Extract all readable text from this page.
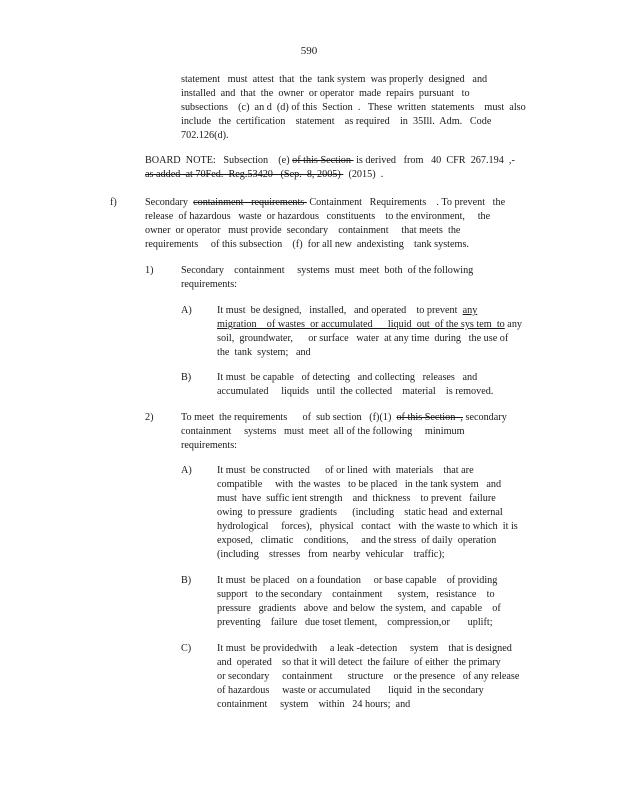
590
statement   must  attest  that  the  tank system  was properly  designed   and
installed  and  that  the  owner  or operator  made  repairs  pursuant   to
subsections    (c)  an d  (d) of this  Section  .   These  written  statements    must  also
include   the  certification    statement    as required    in  35Ill.  Adm.   Code
702.126(d).
BOARD  NOTE:   Subsection    (e) of this Section  is derived   from   40  CFR  267.194  ,-
as added  at 70Fed.  Reg.53420   (Sep.  8, 2005)   (2015)  .
f)	Secondary  containment   requirements  Containment   Requirements    . To prevent   the
release  of hazardous   waste  or hazardous   constituents    to the environment,     the
owner  or operator   must provide  secondary    containment     that meets  the
requirements     of this subsection    (f)  for all new  andexisting    tank systems.
1)	Secondary    containment     systems  must  meet  both  of the following
requirements:
A) It must  be designed,   installed,   and operated    to prevent  any
migration    of wastes  or accumulated      liquid  out  of the sys tem  to any
soil,  groundwater,      or surface   water  at any time  during   the use of
the  tank  system;   and
B)	It must  be capable   of detecting   and collecting   releases   and
accumulated     liquids   until  the collected    material    is removed.
2)	To meet  the requirements      of  sub section   (f)(1)  of this Section  , secondary
containment     systems   must  meet  all of the following     minimum
requirements:
A) It must  be constructed      of or lined  with  materials    that are
compatible     with  the wastes   to be placed   in the tank system   and
must  have  suffic ient strength    and  thickness    to prevent   failure
owing  to pressure   gradients      (including    static head  and external
hydrological     forces),   physical   contact   with  the waste to which  it is
exposed,   climatic    conditions,     and the stress  of daily  operation
(including    stresses   from  nearby  vehicular    traffic);
B)	It must  be placed   on a foundation     or base capable    of providing
support   to the secondary    containment      system,   resistance    to
pressure   gradients   above  and below  the system,  and  capable    of
preventing    failure   due toset tlement,    compression,or       uplift;
C)	It must  be providedwith     a leak -detection     system    that is designed
and  operated    so that it will detect  the failure  of either  the primary
or secondary     containment      structure    or the presence   of any release
of hazardous     waste or accumulated       liquid  in the secondary
containment     system    within   24 hours;  and
